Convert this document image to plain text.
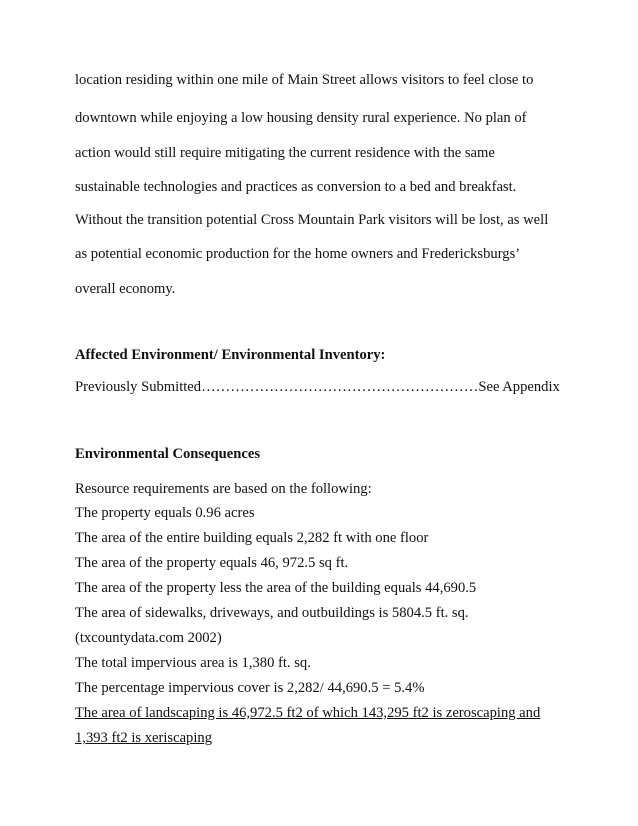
location residing within one mile of Main Street allows visitors to feel close to
downtown while enjoying a low housing density rural experience. No plan of
action would still require mitigating the current residence with the same
sustainable technologies and practices as conversion to a bed and breakfast.
Without the transition potential Cross Mountain Park visitors will be lost, as well
as potential economic production for the home owners and Fredericksburgs’
overall economy.
Affected Environment/ Environmental Inventory:
Previously Submitted…………………………………………………See Appendix
Environmental Consequences
Resource requirements are based on the following:
The property equals 0.96 acres
The area of the entire building equals 2,282 ft with one floor
The area of the property equals 46, 972.5 sq ft.
The area of the property less the area of the building equals 44,690.5
The area of sidewalks, driveways, and outbuildings is 5804.5 ft. sq.
(txcountydata.com 2002)
The total impervious area is 1,380 ft. sq.
The percentage impervious cover is 2,282/ 44,690.5 = 5.4%
The area of landscaping is 46,972.5 ft2 of which 143,295 ft2 is zeroscaping and
1,393 ft2 is xeriscaping
